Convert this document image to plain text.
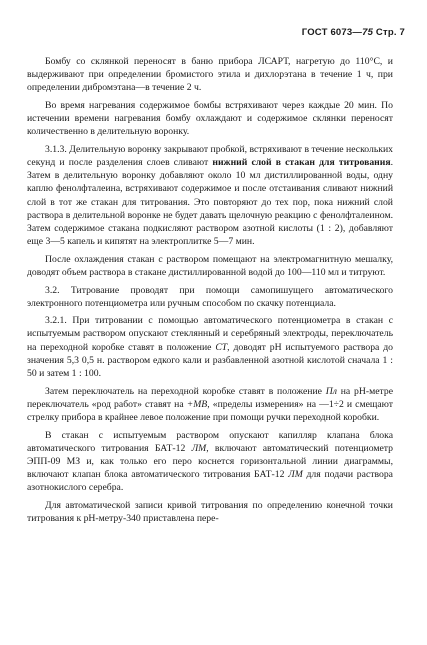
ГОСТ 6073—75 Стр. 7

Бомбу со склянкой переносят в баню прибора ЛСАРТ, нагретую до 110°С, и выдерживают при определении бромистого этила и дихлорэтана в течение 1 ч, при определении дибромэтана—в течение 2 ч.

Во время нагревания содержимое бомбы встряхивают через каждые 20 мин. По истечении времени нагревания бомбу охлаждают и содержимое склянки переносят количественно в делительную воронку.

3.1.3. Делительную воронку закрывают пробкой, встряхивают в течение нескольких секунд и после разделения слоев сливают нижний слой в стакан для титрования. Затем в делительную воронку добавляют около 10 мл дистиллированной воды, одну каплю фенолфталеина, встряхивают содержимое и после отстаивания сливают нижний слой в тот же стакан для титрования. Это повторяют до тех пор, пока нижний слой раствора в делительной воронке не будет давать щелочную реакцию с фенолфталеином. Затем содержимое стакана подкисляют раствором азотной кислоты (1 : 2), добавляют еще 3—5 капель и кипятят на электроплитке 5—7 мин.

После охлаждения стакан с раствором помещают на электромагнитную мешалку, доводят объем раствора в стакане дистиллированной водой до 100—110 мл и титруют.

3.2. Титрование проводят при помощи самопишущего автоматического электронного потенциометра или ручным способом по скачку потенциала.

3.2.1. При титровании с помощью автоматического потенциометра в стакан с испытуемым раствором опускают стеклянный и серебряный электроды, переключатель на переходной коробке ставят в положение СТ, доводят рН испытуемого раствора до значения 5,3 0,5 н. раствором едкого кали и разбавленной азотной кислотой сначала 1 : 50 и затем 1 : 100.

Затем переключатель на переходной коробке ставят в положение Пл на рН-метре переключатель «род работ» ставят на +МВ, «пределы измерения» на —1÷2 и смещают стрелку прибора в крайнее левое положение при помощи ручки переходной коробки.

В стакан с испытуемым раствором опускают капилляр клапана блока автоматического титрования БАТ-12 ЛМ, включают автоматический потенциометр ЭПП-09 МЗ и, как только его перо коснется горизонтальной линии диаграммы, включают клапан блока автоматического титрования БАТ-12 ЛМ для подачи раствора азотнокислого серебра.

Для автоматической записи кривой титрования по определению конечной точки титрования к рН-метру-340 приставлена пере-
